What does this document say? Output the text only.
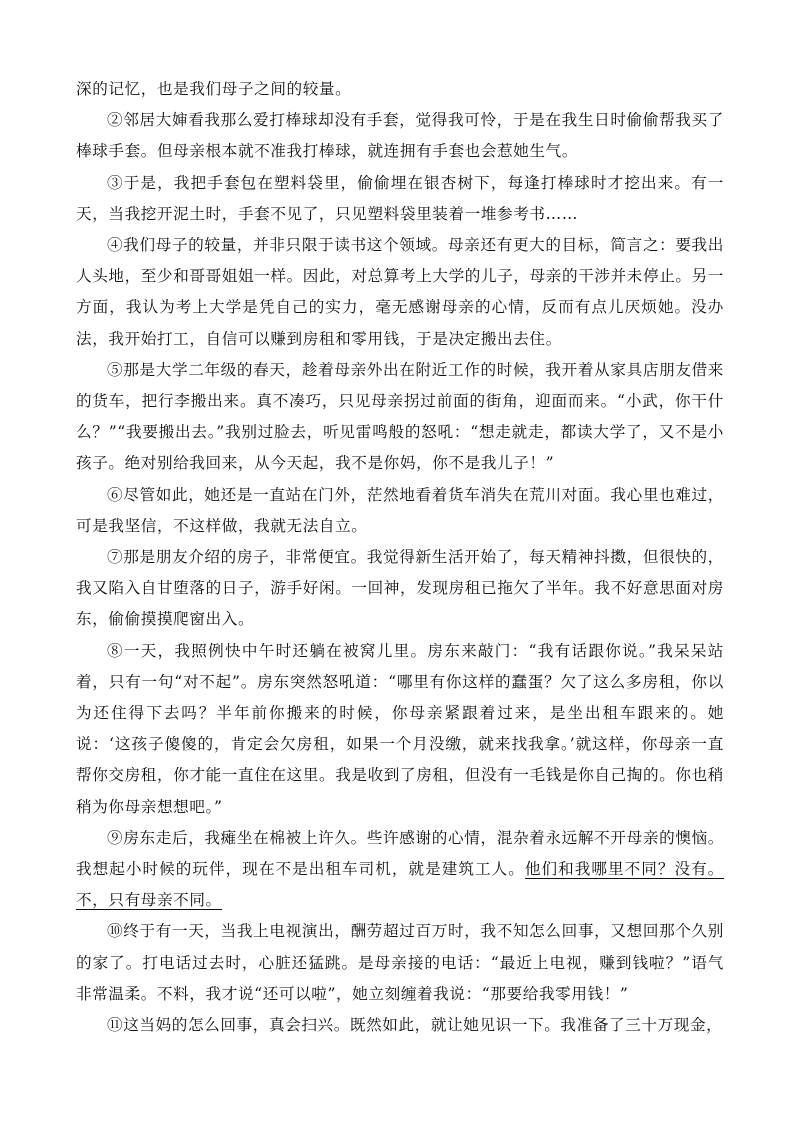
深的记忆，也是我们母子之间的较量。

②邻居大婶看我那么爱打棒球却没有手套，觉得我可怜，于是在我生日时偷偷帮我买了棒球手套。但母亲根本就不准我打棒球，就连拥有手套也会惹她生气。

③于是，我把手套包在塑料袋里，偷偷埋在银杏树下，每逢打棒球时才挖出来。有一天，当我挖开泥土时，手套不见了，只见塑料袋里装着一堆参考书……

④我们母子的较量，并非只限于读书这个领域。母亲还有更大的目标，简言之：要我出人头地，至少和哥哥姐姐一样。因此，对总算考上大学的儿子，母亲的干涉并未停止。另一方面，我认为考上大学是凭自己的实力，毫无感谢母亲的心情，反而有点儿厌烦她。没办法，我开始打工，自信可以赚到房租和零用钱，于是决定搬出去住。

⑤那是大学二年级的春天，趁着母亲外出在附近工作的时候，我开着从家具店朋友借来的货车，把行李搬出来。真不凑巧，只见母亲拐过前面的街角，迎面而来。“小武，你干什么？”“我要搬出去。”我别过脸去，听见雷鸣般的怒吼：“想走就走，都读大学了，又不是小孩子。绝对别给我回来，从今天起，我不是你妈，你不是我儿子！”

⑥尽管如此，她还是一直站在门外，茫然地看着货车消失在荒川对面。我心里也难过，可是我坚信，不这样做，我就无法自立。

⑦那是朋友介绍的房子，非常便宜。我觉得新生活开始了，每天精神抖擞，但很快的，我又陷入自甘堕落的日子，游手好闲。一回神，发现房租已拖欠了半年。我不好意思面对房东，偷偷摸摸爬窗出入。

⑧一天，我照例快中午时还躺在被窝儿里。房东来敲门：“我有话跟你说。”我呆呆站着，只有一句“对不起”。房东突然怒吼道：“哪里有你这样的蠢蛋？欠了这么多房租，你以为还住得下去吗？半年前你搬来的时候，你母亲紧跟着过来，是坐出租车跟来的。她说：‘这孩子傻傻的，肯定会欠房租，如果一个月没缴，就来找我拿。’就这样，你母亲一直帮你交房租，你才能一直住在这里。我是收到了房租，但没有一毛钱是你自己掏的。你也稍稍为你母亲想想吧。”

⑨房东走后，我瘫坐在棉被上许久。些许感谢的心情，混杂着永远解不开母亲的懊恼。我想起小时候的玩伴，现在不是出租车司机，就是建筑工人。他们和我哪里不同？没有。不，只有母亲不同。

⑩终于有一天，当我上电视演出，酬劳超过百万时，我不知怎么回事，又想回那个久别的家了。打电话过去时，心脏还猛跳。是母亲接的电话：“最近上电视，赚到钱啦？”语气非常温柔。不料，我才说“还可以啦”，她立刻缠着我说：“那要给我零用钱！”

⑪这当妈的怎么回事，真会扫兴。既然如此，就让她见识一下。我准备了三十万现金，
